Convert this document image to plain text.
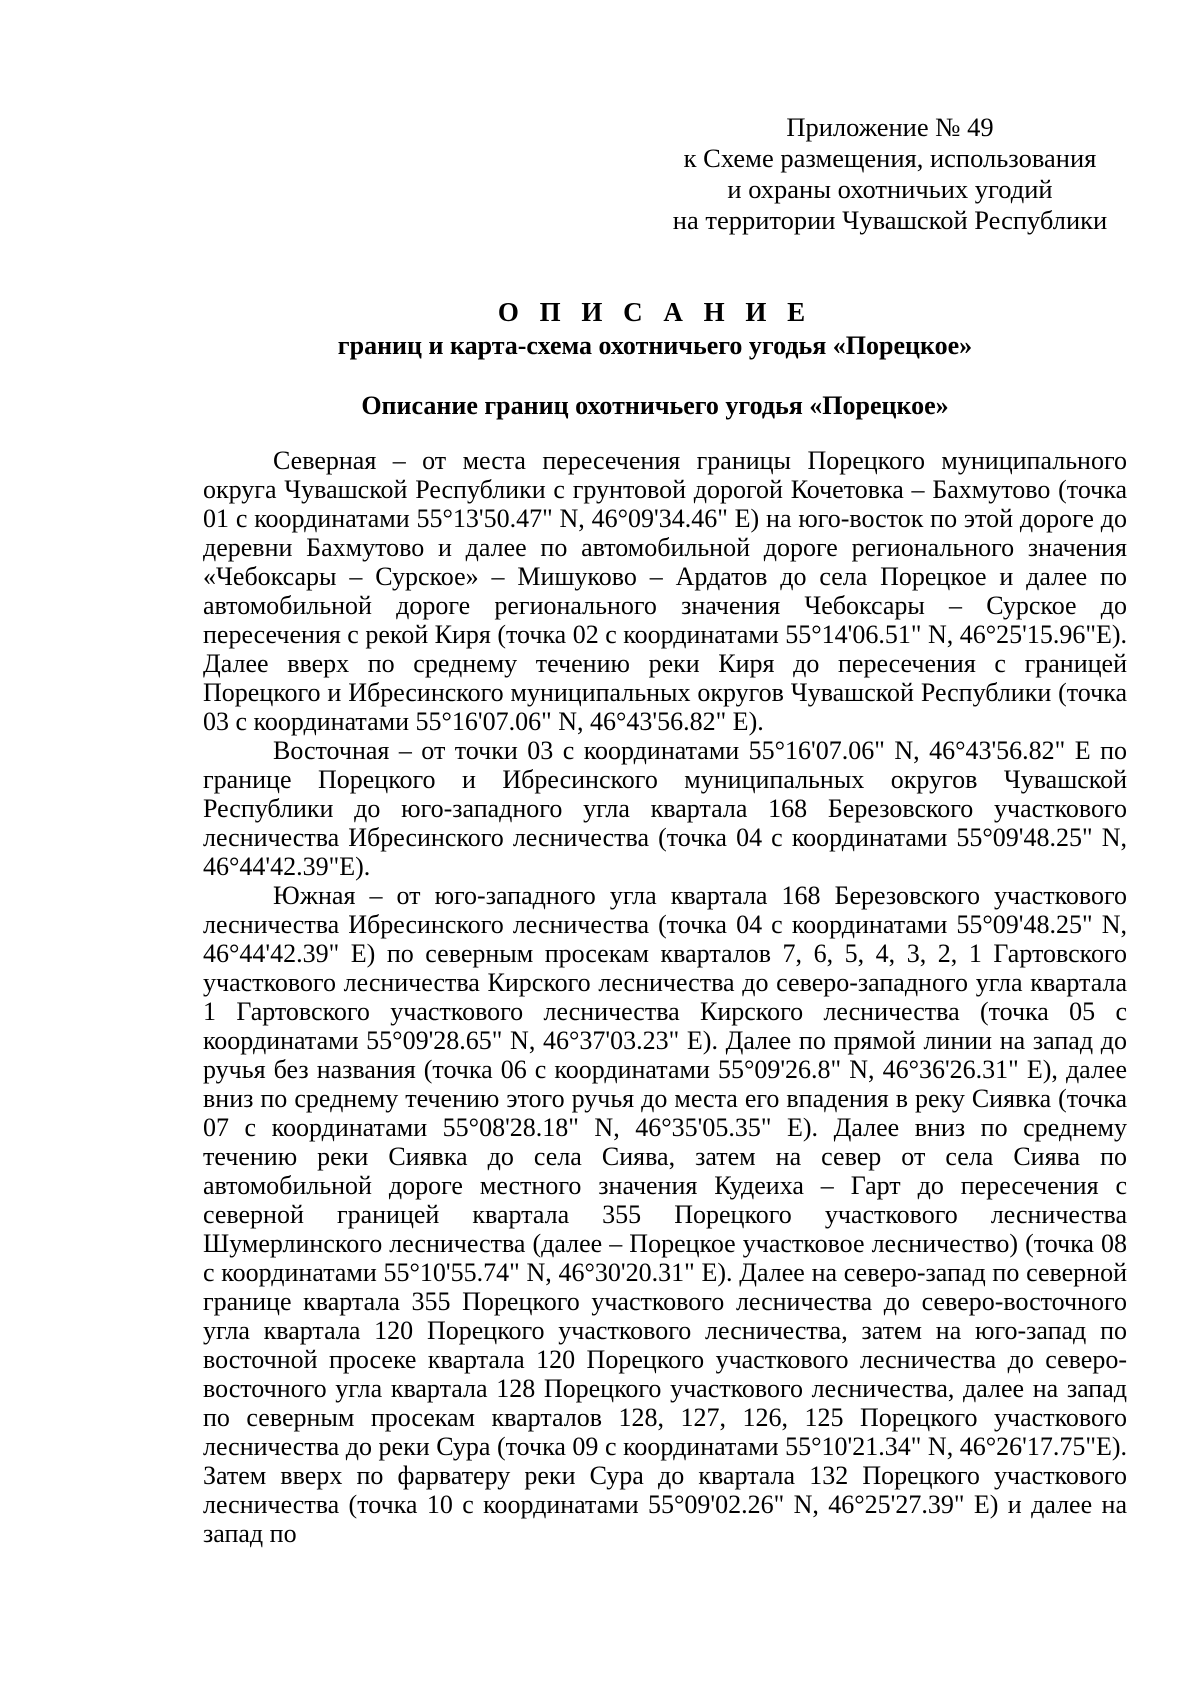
Приложение № 49
к Схеме размещения, использования
и охраны охотничьих угодий
на территории Чувашской Республики
О П И С А Н И Е
границ и карта-схема охотничьего угодья «Порецкое»
Описание границ охотничьего угодья «Порецкое»

Северная – от места пересечения границы Порецкого муниципального округа Чувашской Республики с грунтовой дорогой Кочетовка – Бахмутово (точка 01 с координатами 55°13'50.47" N, 46°09'34.46" E) на юго-восток по этой дороге до деревни Бахмутово и далее по автомобильной дороге регионального значения «Чебоксары – Сурское» – Мишуково – Ардатов до села Порецкое и далее по автомобильной дороге регионального значения Чебоксары – Сурское до пересечения с рекой Киря (точка 02 с координатами 55°14'06.51" N, 46°25'15.96"E). Далее вверх по среднему течению реки Киря до пересечения с границей Порецкого и Ибресинского муниципальных округов Чувашской Республики (точка 03 с координатами 55°16'07.06" N, 46°43'56.82" E).

Восточная – от точки 03 с координатами 55°16'07.06" N, 46°43'56.82" E по границе Порецкого и Ибресинского муниципальных округов Чувашской Республики до юго-западного угла квартала 168 Березовского участкового лесничества Ибресинского лесничества (точка 04 с координатами 55°09'48.25" N, 46°44'42.39"E).

Южная – от юго-западного угла квартала 168 Березовского участкового лесничества Ибресинского лесничества (точка 04 с координатами 55°09'48.25" N, 46°44'42.39" E) по северным просекам кварталов 7, 6, 5, 4, 3, 2, 1 Гартовского участкового лесничества Кирского лесничества до северо-западного угла квартала 1 Гартовского участкового лесничества Кирского лесничества (точка 05 с координатами 55°09'28.65" N, 46°37'03.23" E). Далее по прямой линии на запад до ручья без названия (точка 06 с координатами 55°09'26.8" N, 46°36'26.31" E), далее вниз по среднему течению этого ручья до места его впадения в реку Сиявка (точка 07 с координатами 55°08'28.18" N, 46°35'05.35" E). Далее вниз по среднему течению реки Сиявка до села Сиява, затем на север от села Сиява по автомобильной дороге местного значения Кудеиха – Гарт до пересечения с северной границей квартала 355 Порецкого участкового лесничества Шумерлинского лесничества (далее – Порецкое участковое лесничество) (точка 08 с координатами 55°10'55.74" N, 46°30'20.31" E). Далее на северо-запад по северной границе квартала 355 Порецкого участкового лесничества до северо-восточного угла квартала 120 Порецкого участкового лесничества, затем на юго-запад по восточной просеке квартала 120 Порецкого участкового лесничества до северо-восточного угла квартала 128 Порецкого участкового лесничества, далее на запад по северным просекам кварталов 128, 127, 126, 125 Порецкого участкового лесничества до реки Сура (точка 09 с координатами 55°10'21.34" N, 46°26'17.75"E). Затем вверх по фарватеру реки Сура до квартала 132 Порецкого участкового лесничества (точка 10 с координатами 55°09'02.26" N, 46°25'27.39" E) и далее на запад по
